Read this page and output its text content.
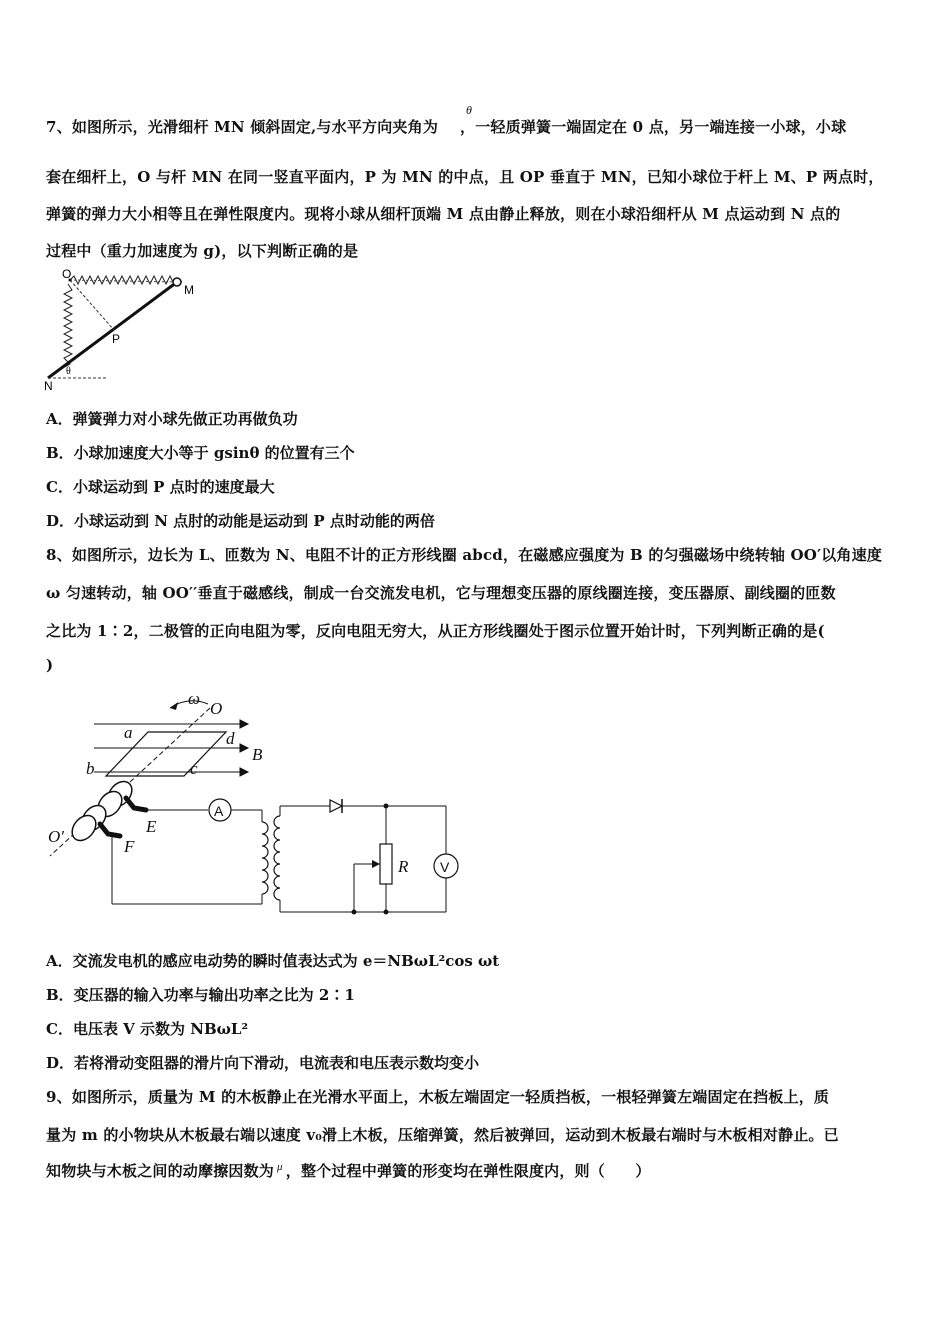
7、如图所示，光滑细杆 MN 倾斜固定,与水平方向夹角为 ，一轻质弹簧一端固定在 0 点，另一端连接一小球，小球
θ
套在细杆上，O 与杆 MN 在同一竖直平面内，P 为 MN 的中点，且 OP 垂直于 MN，已知小球位于杆上 M、P 两点时，
弹簧的弹力大小相等且在弹性限度内。现将小球从细杆顶端 M 点由静止释放，则在小球沿细杆从 M 点运动到 N 点的
过程中（重力加速度为 g)，以下判断正确的是
O
M
P
N
θ
A．弹簧弹力对小球先做正功再做负功
B．小球加速度大小等于 gsinθ 的位置有三个
C．小球运动到 P 点时的速度最大
D．小球运动到 N 点肘的动能是运动到 P 点时动能的两倍
8、如图所示，边长为 L、匝数为 N、电阻不计的正方形线圈 abcd，在磁感应强度为 B 的匀强磁场中绕转轴 OO′以角速度
ω 匀速转动，轴 OO′′垂直于磁感线，制成一台交流发电机，它与理想变压器的原线圈连接，变压器原、副线圈的匝数
之比为 1∶2，二极管的正向电阻为零，反向电阻无穷大，从正方形线圈处于图示位置开始计时，下列判断正确的是(
)
ω
O
a	d
B
b	c
A
E
O′
F
R V
A．交流发电机的感应电动势的瞬时值表达式为 e＝NBωL²cos ωt
B．变压器的输入功率与输出功率之比为 2∶1
C．电压表 V 示数为 NBωL²
D．若将滑动变阻器的滑片向下滑动，电流表和电压表示数均变小
9、如图所示，质量为 M 的木板静止在光滑水平面上，木板左端固定一轻质挡板，一根轻弹簧左端固定在挡板上，质
量为 m 的小物块从木板最右端以速度 v₀滑上木板，压缩弹簧，然后被弹回，运动到木板最右端时与木板相对静止。已
知物块与木板之间的动摩擦因数为 $^\mu$ ，整个过程中弹簧的形变均在弹性限度内，则（　　）
